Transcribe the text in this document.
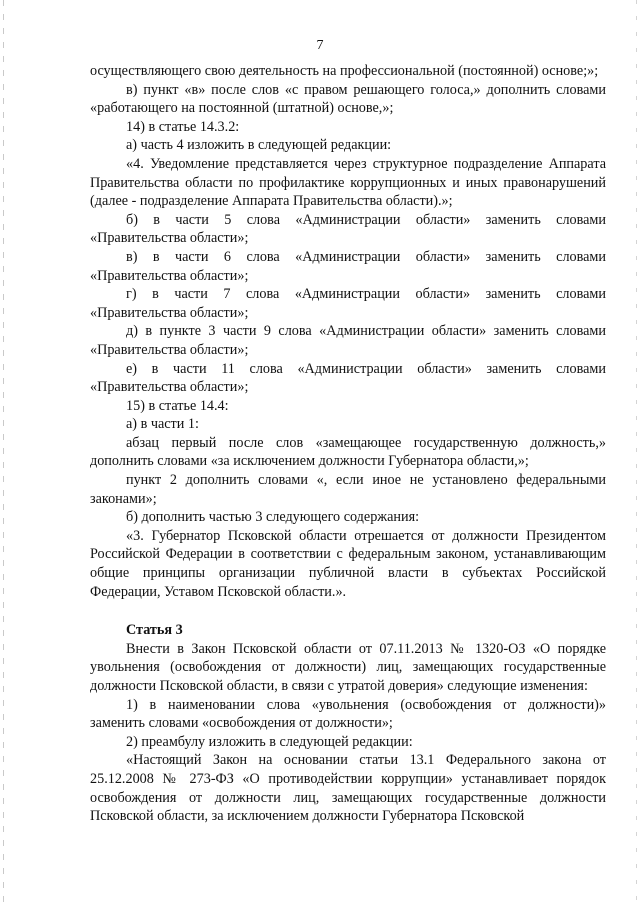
7

осуществляющего свою деятельность на профессиональной (постоянной) основе;»;

в) пункт «в» после слов «с правом решающего голоса,» дополнить словами «работающего на постоянной (штатной) основе,»;

14) в статье 14.3.2:

а) часть 4 изложить в следующей редакции:

«4. Уведомление представляется через структурное подразделение Аппарата Правительства области по профилактике коррупционных и иных правонарушений (далее - подразделение Аппарата Правительства области).»;

б) в части 5 слова «Администрации области» заменить словами «Правительства области»;

в) в части 6 слова «Администрации области» заменить словами «Правительства области»;

г) в части 7 слова «Администрации области» заменить словами «Правительства области»;

д) в пункте 3 части 9 слова «Администрации области» заменить словами «Правительства области»;

е) в части 11 слова «Администрации области» заменить словами «Правительства области»;

15) в статье 14.4:

а) в части 1:

абзац первый после слов «замещающее государственную должность,» дополнить словами «за исключением должности Губернатора области,»;

пункт 2 дополнить словами «, если иное не установлено федеральными законами»;

б) дополнить частью 3 следующего содержания:

«3. Губернатор Псковской области отрешается от должности Президентом Российской Федерации в соответствии с федеральным законом, устанавливающим общие принципы организации публичной власти в субъектах Российской Федерации, Уставом Псковской области.».

Статья 3

Внести в Закон Псковской области от 07.11.2013 № 1320-ОЗ «О порядке увольнения (освобождения от должности) лиц, замещающих государственные должности Псковской области, в связи с утратой доверия» следующие изменения:

1) в наименовании слова «увольнения (освобождения от должности)» заменить словами «освобождения от должности»;

2) преамбулу изложить в следующей редакции:

«Настоящий Закон на основании статьи 13.1 Федерального закона от 25.12.2008 № 273-ФЗ «О противодействии коррупции» устанавливает порядок освобождения от должности лиц, замещающих государственные должности Псковской области, за исключением должности Губернатора Псковской
